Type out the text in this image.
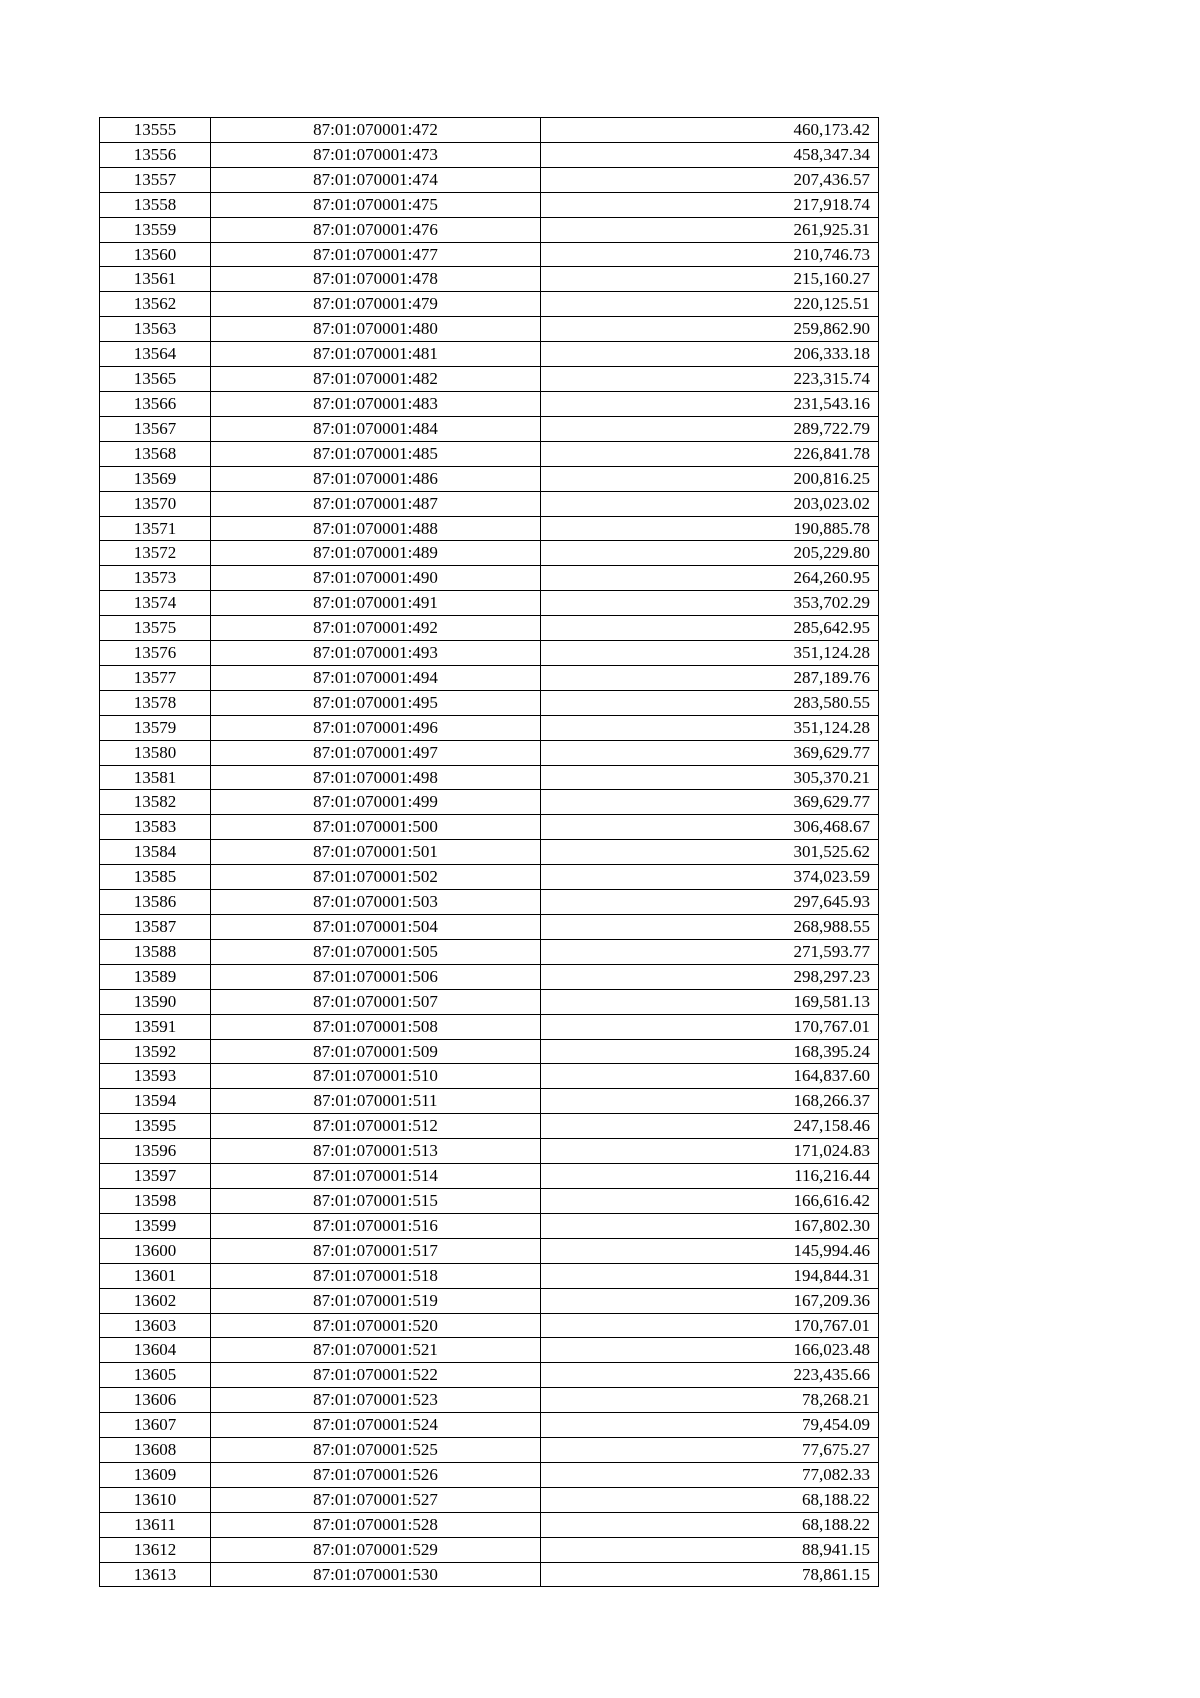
13555	87:01:070001:472	460,173.42
13556	87:01:070001:473	458,347.34
13557	87:01:070001:474	207,436.57
13558	87:01:070001:475	217,918.74
13559	87:01:070001:476	261,925.31
13560	87:01:070001:477	210,746.73
13561	87:01:070001:478	215,160.27
13562	87:01:070001:479	220,125.51
13563	87:01:070001:480	259,862.90
13564	87:01:070001:481	206,333.18
13565	87:01:070001:482	223,315.74
13566	87:01:070001:483	231,543.16
13567	87:01:070001:484	289,722.79
13568	87:01:070001:485	226,841.78
13569	87:01:070001:486	200,816.25
13570	87:01:070001:487	203,023.02
13571	87:01:070001:488	190,885.78
13572	87:01:070001:489	205,229.80
13573	87:01:070001:490	264,260.95
13574	87:01:070001:491	353,702.29
13575	87:01:070001:492	285,642.95
13576	87:01:070001:493	351,124.28
13577	87:01:070001:494	287,189.76
13578	87:01:070001:495	283,580.55
13579	87:01:070001:496	351,124.28
13580	87:01:070001:497	369,629.77
13581	87:01:070001:498	305,370.21
13582	87:01:070001:499	369,629.77
13583	87:01:070001:500	306,468.67
13584	87:01:070001:501	301,525.62
13585	87:01:070001:502	374,023.59
13586	87:01:070001:503	297,645.93
13587	87:01:070001:504	268,988.55
13588	87:01:070001:505	271,593.77
13589	87:01:070001:506	298,297.23
13590	87:01:070001:507	169,581.13
13591	87:01:070001:508	170,767.01
13592	87:01:070001:509	168,395.24
13593	87:01:070001:510	164,837.60
13594	87:01:070001:511	168,266.37
13595	87:01:070001:512	247,158.46
13596	87:01:070001:513	171,024.83
13597	87:01:070001:514	116,216.44
13598	87:01:070001:515	166,616.42
13599	87:01:070001:516	167,802.30
13600	87:01:070001:517	145,994.46
13601	87:01:070001:518	194,844.31
13602	87:01:070001:519	167,209.36
13603	87:01:070001:520	170,767.01
13604	87:01:070001:521	166,023.48
13605	87:01:070001:522	223,435.66
13606	87:01:070001:523	78,268.21
13607	87:01:070001:524	79,454.09
13608	87:01:070001:525	77,675.27
13609	87:01:070001:526	77,082.33
13610	87:01:070001:527	68,188.22
13611	87:01:070001:528	68,188.22
13612	87:01:070001:529	88,941.15
13613	87:01:070001:530	78,861.15
